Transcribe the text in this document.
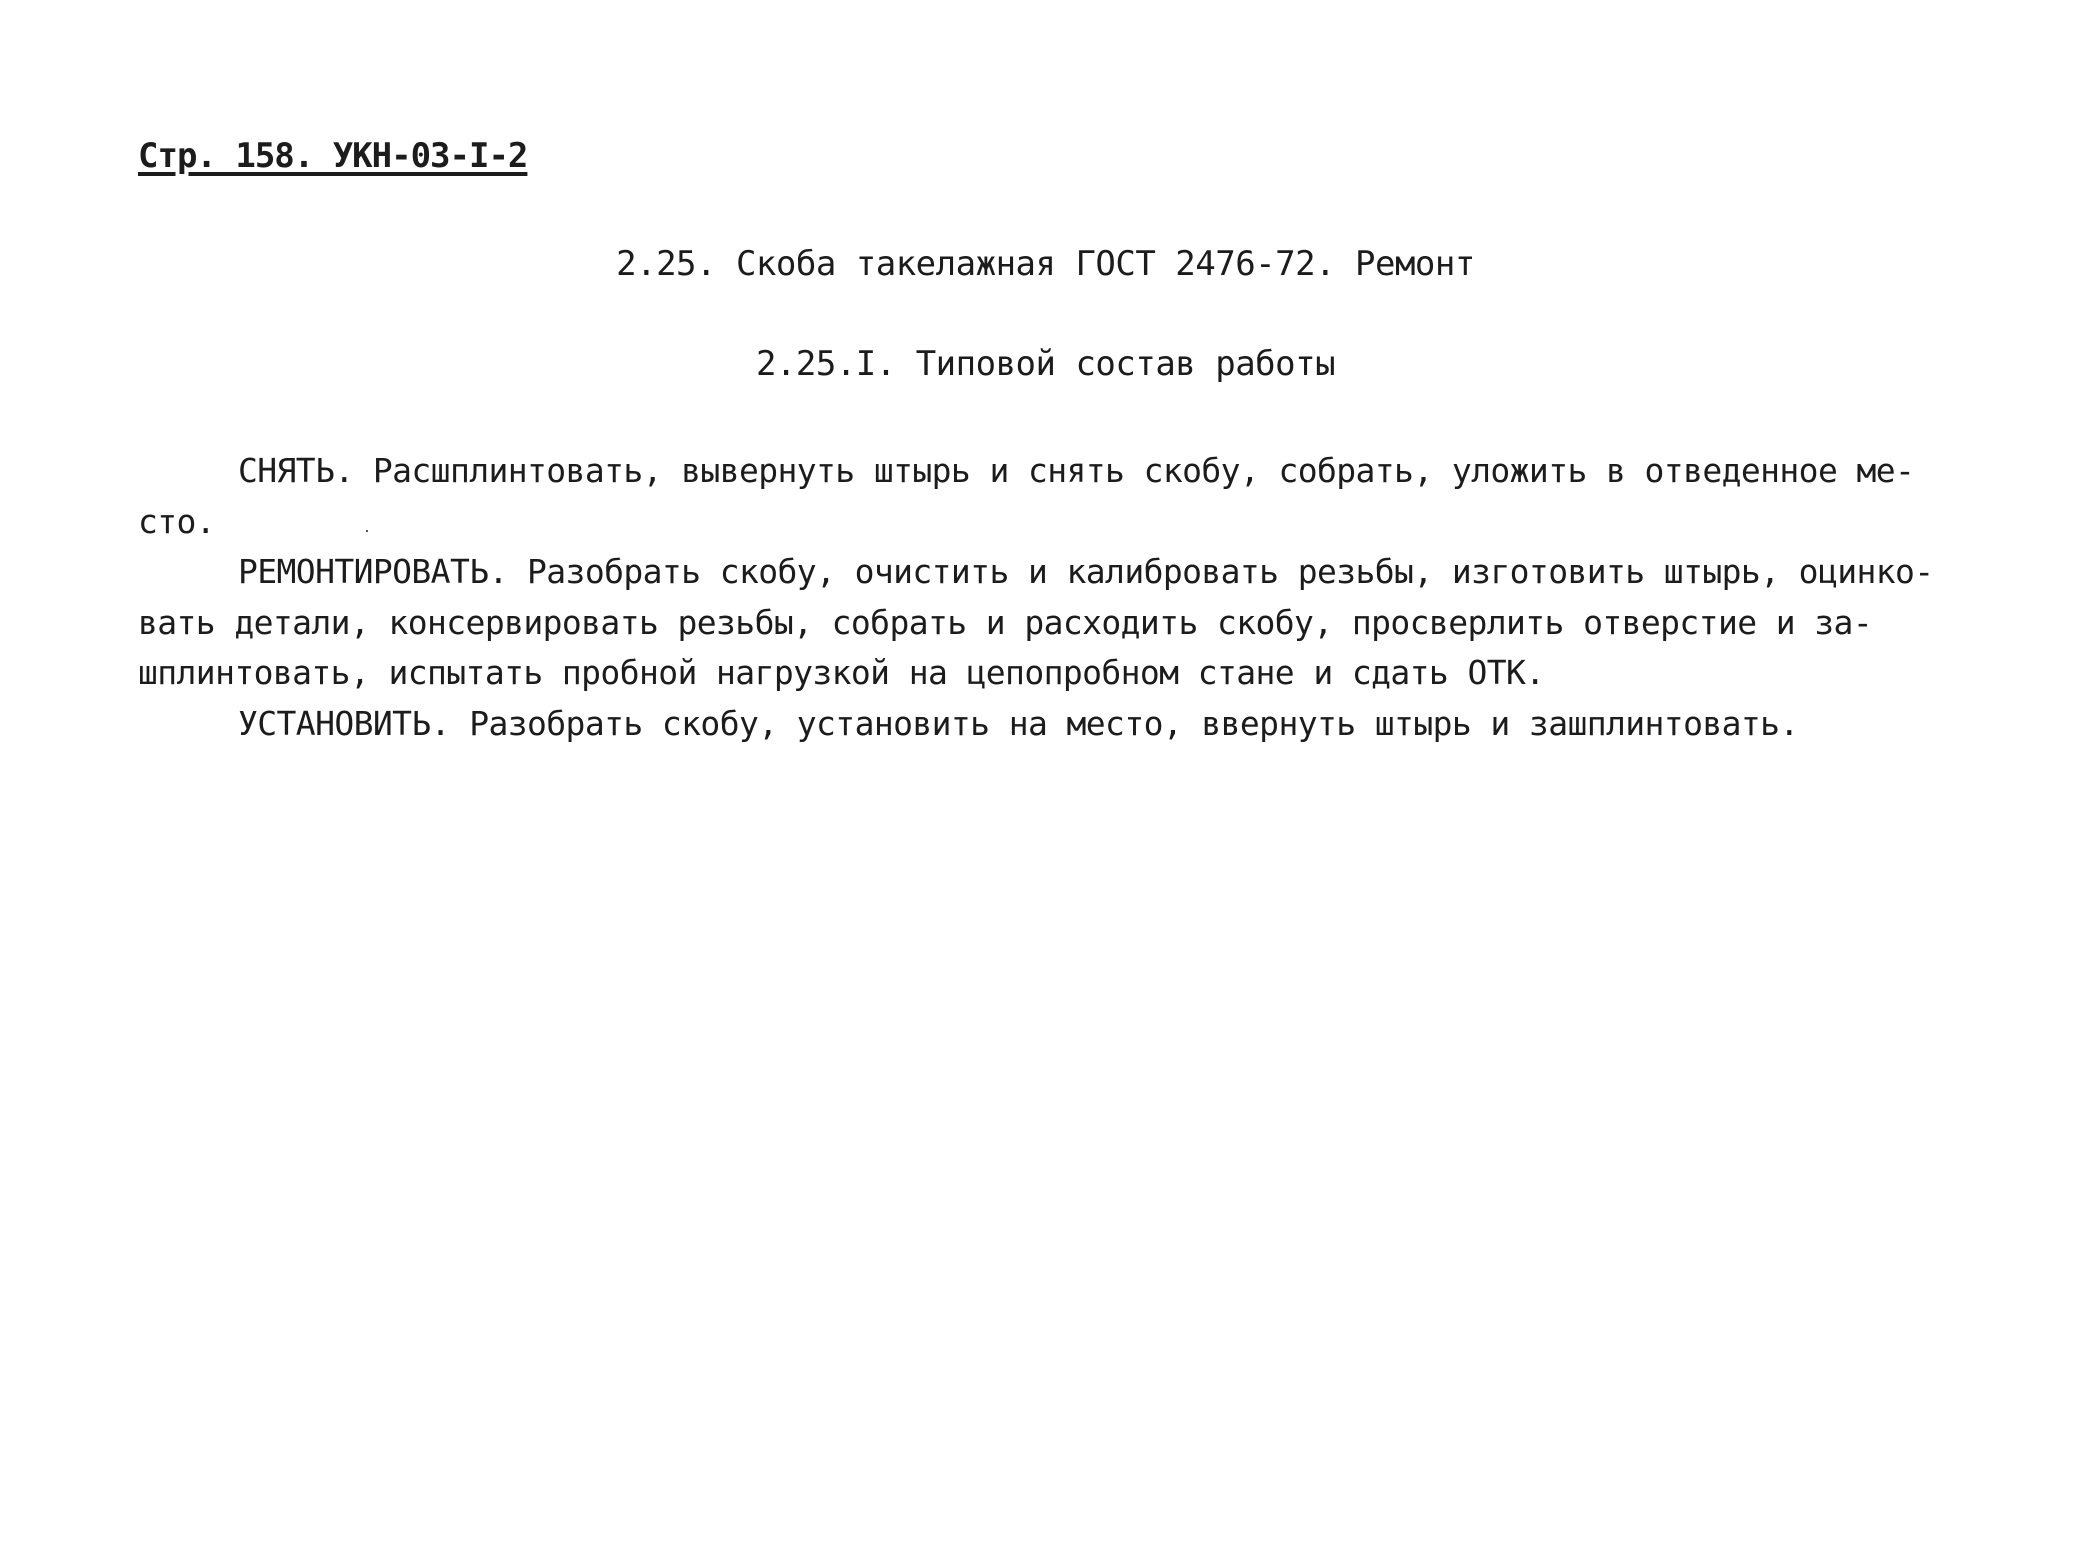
Стр. 158. УКН-03-I-2
2.25. Скоба такелажная ГОСТ 2476-72. Ремонт
2.25.I. Типовой состав работы
СНЯТЬ. Расшплинтовать, вывернуть штырь и снять скобу, собрать, уложить в отведенное ме-
сто.
РЕМОНТИРОВАТЬ. Разобрать скобу, очистить и калибровать резьбы, изготовить штырь, оцинко-
вать детали, консервировать резьбы, собрать и расходить скобу, просверлить отверстие и за-
шплинтовать, испытать пробной нагрузкой на цепопробном стане и сдать ОТК.
УСТАНОВИТЬ. Разобрать скобу, установить на место, ввернуть штырь и зашплинтовать.
